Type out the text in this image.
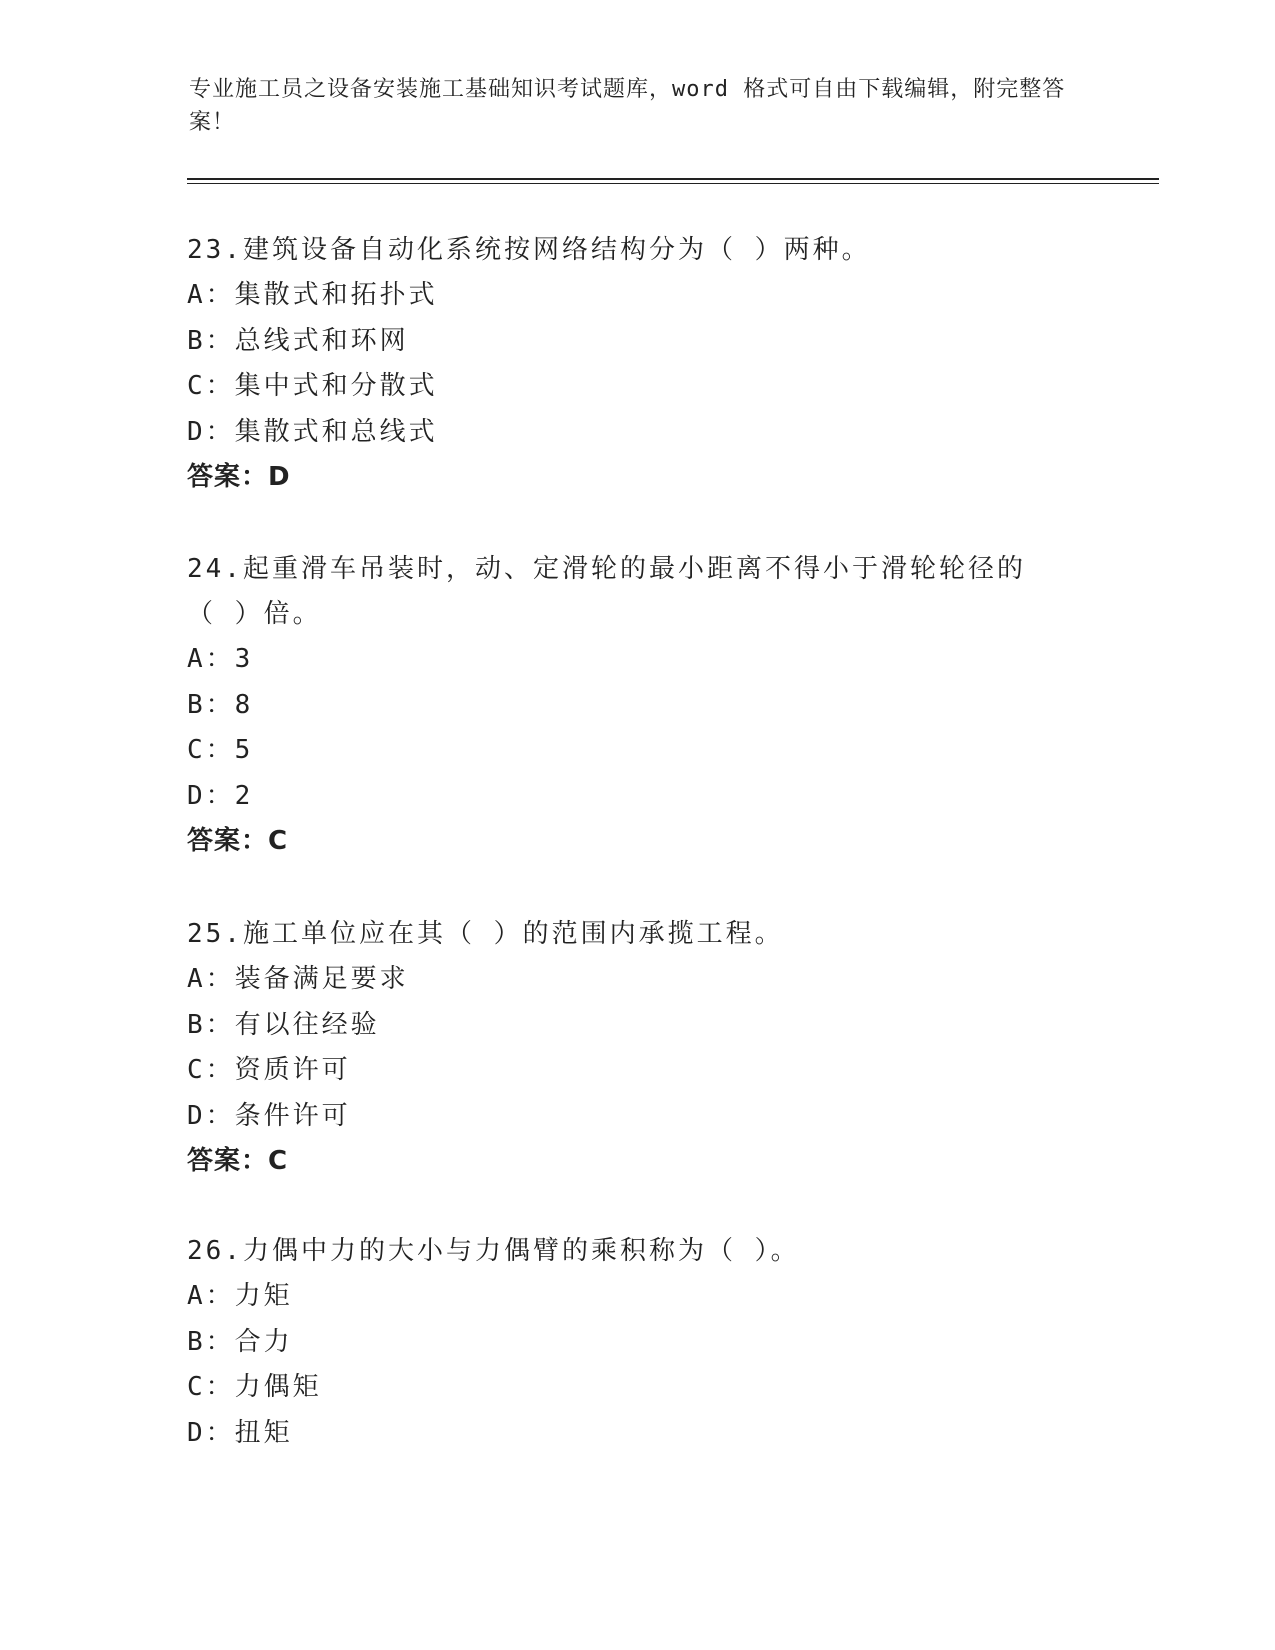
专业施工员之设备安装施工基础知识考试题库，word 格式可自由下载编辑，附完整答案！

23.建筑设备自动化系统按网络结构分为（ ）两种。

A：集散式和拓扑式

B：总线式和环网

C：集中式和分散式

D：集散式和总线式

答案：D

24.起重滑车吊装时，动、定滑轮的最小距离不得小于滑轮轮径的（ ）倍。

A：3

B：8

C：5

D：2

答案：C

25.施工单位应在其（ ）的范围内承揽工程。

A：装备满足要求

B：有以往经验

C：资质许可

D：条件许可

答案：C

26.力偶中力的大小与力偶臂的乘积称为（ ）。

A：力矩

B：合力

C：力偶矩

D：扭矩
